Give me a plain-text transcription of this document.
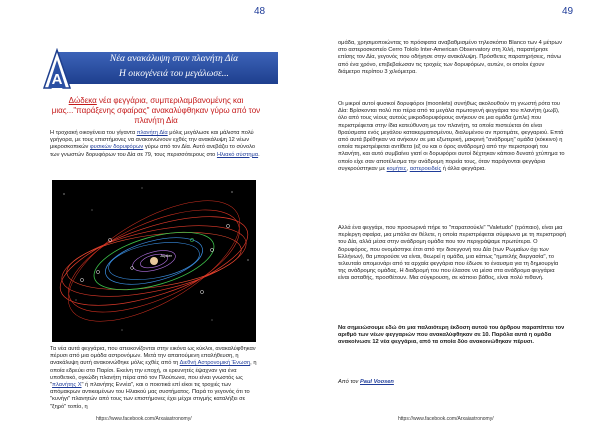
48
A
Νέα ανακάλυψη στον πλανήτη Δία
Η οικογένειά του μεγάλωσε...
Δώδεκα νέα φεγγάρια, συμπεριλαμβανομένης και μιας..."παράξενης σφαίρας" ανακαλύφθηκαν γύρω από τον πλανήτη Δία
Η τροχιακή οικογένεια του γίγαντα πλανήτη Δία μόλις μεγάλωσε και μάλιστα πολύ γρήγορα, με τους επιστήμονες να ανακοινώνουν εχθές την ανακάλυψη 12 νέων μικροσκοπικών φυσικών δορυφόρων γύρω από τον Δία. Αυτό ανεβάζει το σύνολο των γνωστών δορυφόρων του Δία σε 79, τους περισσότερους στο Ηλιακό σύστημα.
Jupiter
Τα νέα αυτά φεγγάρια, που απεικονίζονται στην εικόνα ως κύκλοι, ανακαλύφθηκαν πέρυσι από μια ομάδα αστρονόμων. Μετά την απαιτούμενη επαλήθευση, η ανακάλυψη αυτή ανακοινώθηκε μόλις εχθές από τη Διεθνή Αστρονομική Ένωση, η οποία εδρεύει στο Παρίσι. Εκείνη την εποχή, οι ερευνητές έψαχναν για ένα υποθετικό, ογκώδη πλανήτη πέρα από τον Πλούτωνα, που είναι γνωστός ως "πλανήτης Χ" ή πλανήτης Εννέα", και ο ποιοτικά επί είκοι τις τροχιές των απόμακρων αντικειμένων του Ηλιακού μας συστήματος. Παρά το γεγονός ότι το "κυνήγι" πλανητών από τους των επιστήμονες έχει μέχρι στιγμής καταλήξει σε "ξηρό" τοπίο, η
https://www.facebook.com/Arxaiastronomy/
49
ομάδα, χρησιμοποιώντας το πρόσφατα αναβαθμισμένο τηλεσκόπιο Blanco των 4 μέτρων στο αστεροσκοπείο Cerro Tololo Inter-American Observatory στη Χιλή, παρατήρησε επίσης τον Δία, γεγονός που οδήγησε στην ανακάλυψη. Πρόσθετες παρατηρήσεις, πάνω από ένα χρόνο, επιβεβαίωσαν τις τροχιές των δορυφόρων, αυτών, οι οποίοι έχουν διάμετρο περίπου 3 χιλιόμετρα.
Οι μικροί αυτοί φυσικοί δορυφόροι (moonlets) συνήθως ακολουθούν τη γνωστή ρότα του Δία: Βρίσκονται πολύ πιο πέρα από τα μεγάλα πρωτογενή φεγγάρια του πλανήτη (μωβ), όλο από τους νέους αυτούς μικροδορυφόρους ανήκουν σε μια ομάδα (μπλε) που περιστρέφεται στην ίδια κατεύθυνση με τον πλανήτη, τα οποία πιστεύεται ότι είναι θραύσματα ενός μεγάλου κατακερματισμένου, διαλυμένου αν προτιμάτε, φεγγαριού. Επτά από αυτά βρέθηκαν να ανήκουν σε μια εξωτερική, μακρινή "ανάδρομη" ομάδα (κόκκινο) η οποία περιστρέφεται αντίθετα (εξ ου και ο όρος ανάδρομη) από την περιστροφή του πλανήτη, και αυτό συμβαίνει γιατί οι δορυφόροι αυτοί δέχτηκαν κάποιο δυνατό χτύπημα το οποίο είχε σαν αποτέλεσμα την ανάδρομη πορεία τους, όταν παράγονται φεγγάρια συγκρούστηκαν με κομήτες, αστεροειδείς ή άλλα φεγγάρια.
Αλλά ένα φεγγάρι, που προσωρινά πήρε το "παρατσούκλι" "Valetudo" (τρόπαιο), είναι μια περίεργη σφαίρα, μια μπάλα αν θέλετε, η οποία περιστρέφεται σύμφωνα με τη περιστροφή του Δία, αλλά μέσα στην ανάδρομη ομάδα που τον περιγράψαμε πρωτύτερα. Ο δορυφόρος, που ονομάστηκε έτσι από την δισεγγονή του Δία (των Ρωμαίων όχι των Ελλήνων), θα μπορούσε να είναι, θεωρεί η ομάδα, μια κάπως "ημιτελής διεργασία", το τελευταίο απομεινάρι από τα αρχαία φεγγάρια που έδωσε το έναυσμα για τη δημιουργία της ανάδρομης ομάδας. Η διαδρομή του που έλασσε να μέσα στα ανάδρομα φεγγάρια είναι ασταθής, προσθέτουν. Μια σύγκρουση, σε κάποιο βάθος, είναι πολύ πιθανή.
Να σημειώσουμε εδώ ότι μια παλαιότερη έκδοση αυτού του άρθρου παραπίπτει τον αριθμό των νέων φεγγαριών που ανακαλύφθηκαν σε 10. Παρόλα αυτά η ομάδα ανακοίνωσε 12 νέα φεγγάρια, από τα οποία δύο ανακοινώθηκαν πέρυσι.
Από τον Paul Voosen
https://www.facebook.com/Arxaiastronomy/
